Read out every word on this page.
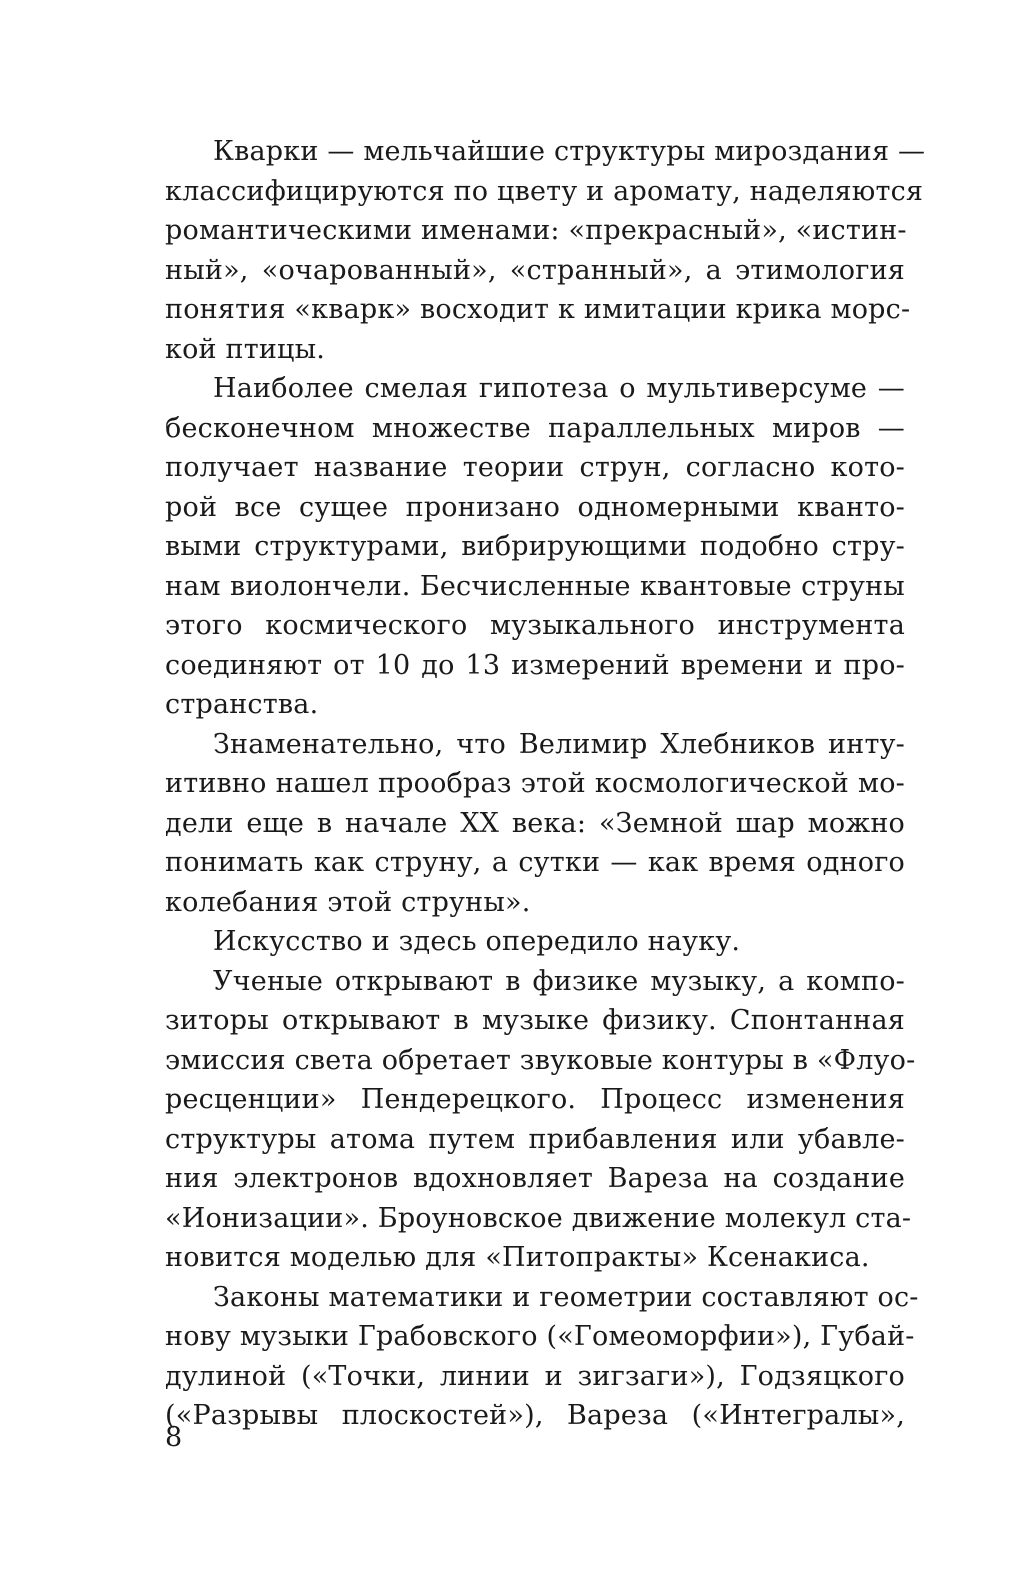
Кварки — мельчайшие структуры мироздания —
классифицируются по цвету и аромату, наделяются
романтическими именами: «прекрасный», «истин-
ный», «очарованный», «странный», а этимология
понятия «кварк» восходит к имитации крика морс-
кой птицы.
Наиболее смелая гипотеза о мультиверсуме —
бесконечном множестве параллельных миров —
получает название теории струн, согласно кото-
рой все сущее пронизано одномерными кванто-
выми структурами, вибрирующими подобно стру-
нам виолончели. Бесчисленные квантовые струны
этого космического музыкального инструмента
соединяют от 10 до 13 измерений времени и про-
странства.
Знаменательно, что Велимир Хлебников инту-
итивно нашел прообраз этой космологической мо-
дели еще в начале XX века: «Земной шар можно
понимать как струну, а сутки — как время одного
колебания этой струны».
Искусство и здесь опередило науку.
Ученые открывают в физике музыку, а компо-
зиторы открывают в музыке физику. Спонтанная
эмиссия света обретает звуковые контуры в «Флуо-
ресценции» Пендерецкого. Процесс изменения
структуры атома путем прибавления или убавле-
ния электронов вдохновляет Вареза на создание
«Ионизации». Броуновское движение молекул ста-
новится моделью для «Питопракты» Ксенакиса.
Законы математики и геометрии составляют ос-
нову музыки Грабовского («Гомеоморфии»), Губай-
дулиной («Точки, линии и зигзаги»), Годзяцкого
(«Разрывы плоскостей»), Вареза («Интегралы»,
8
